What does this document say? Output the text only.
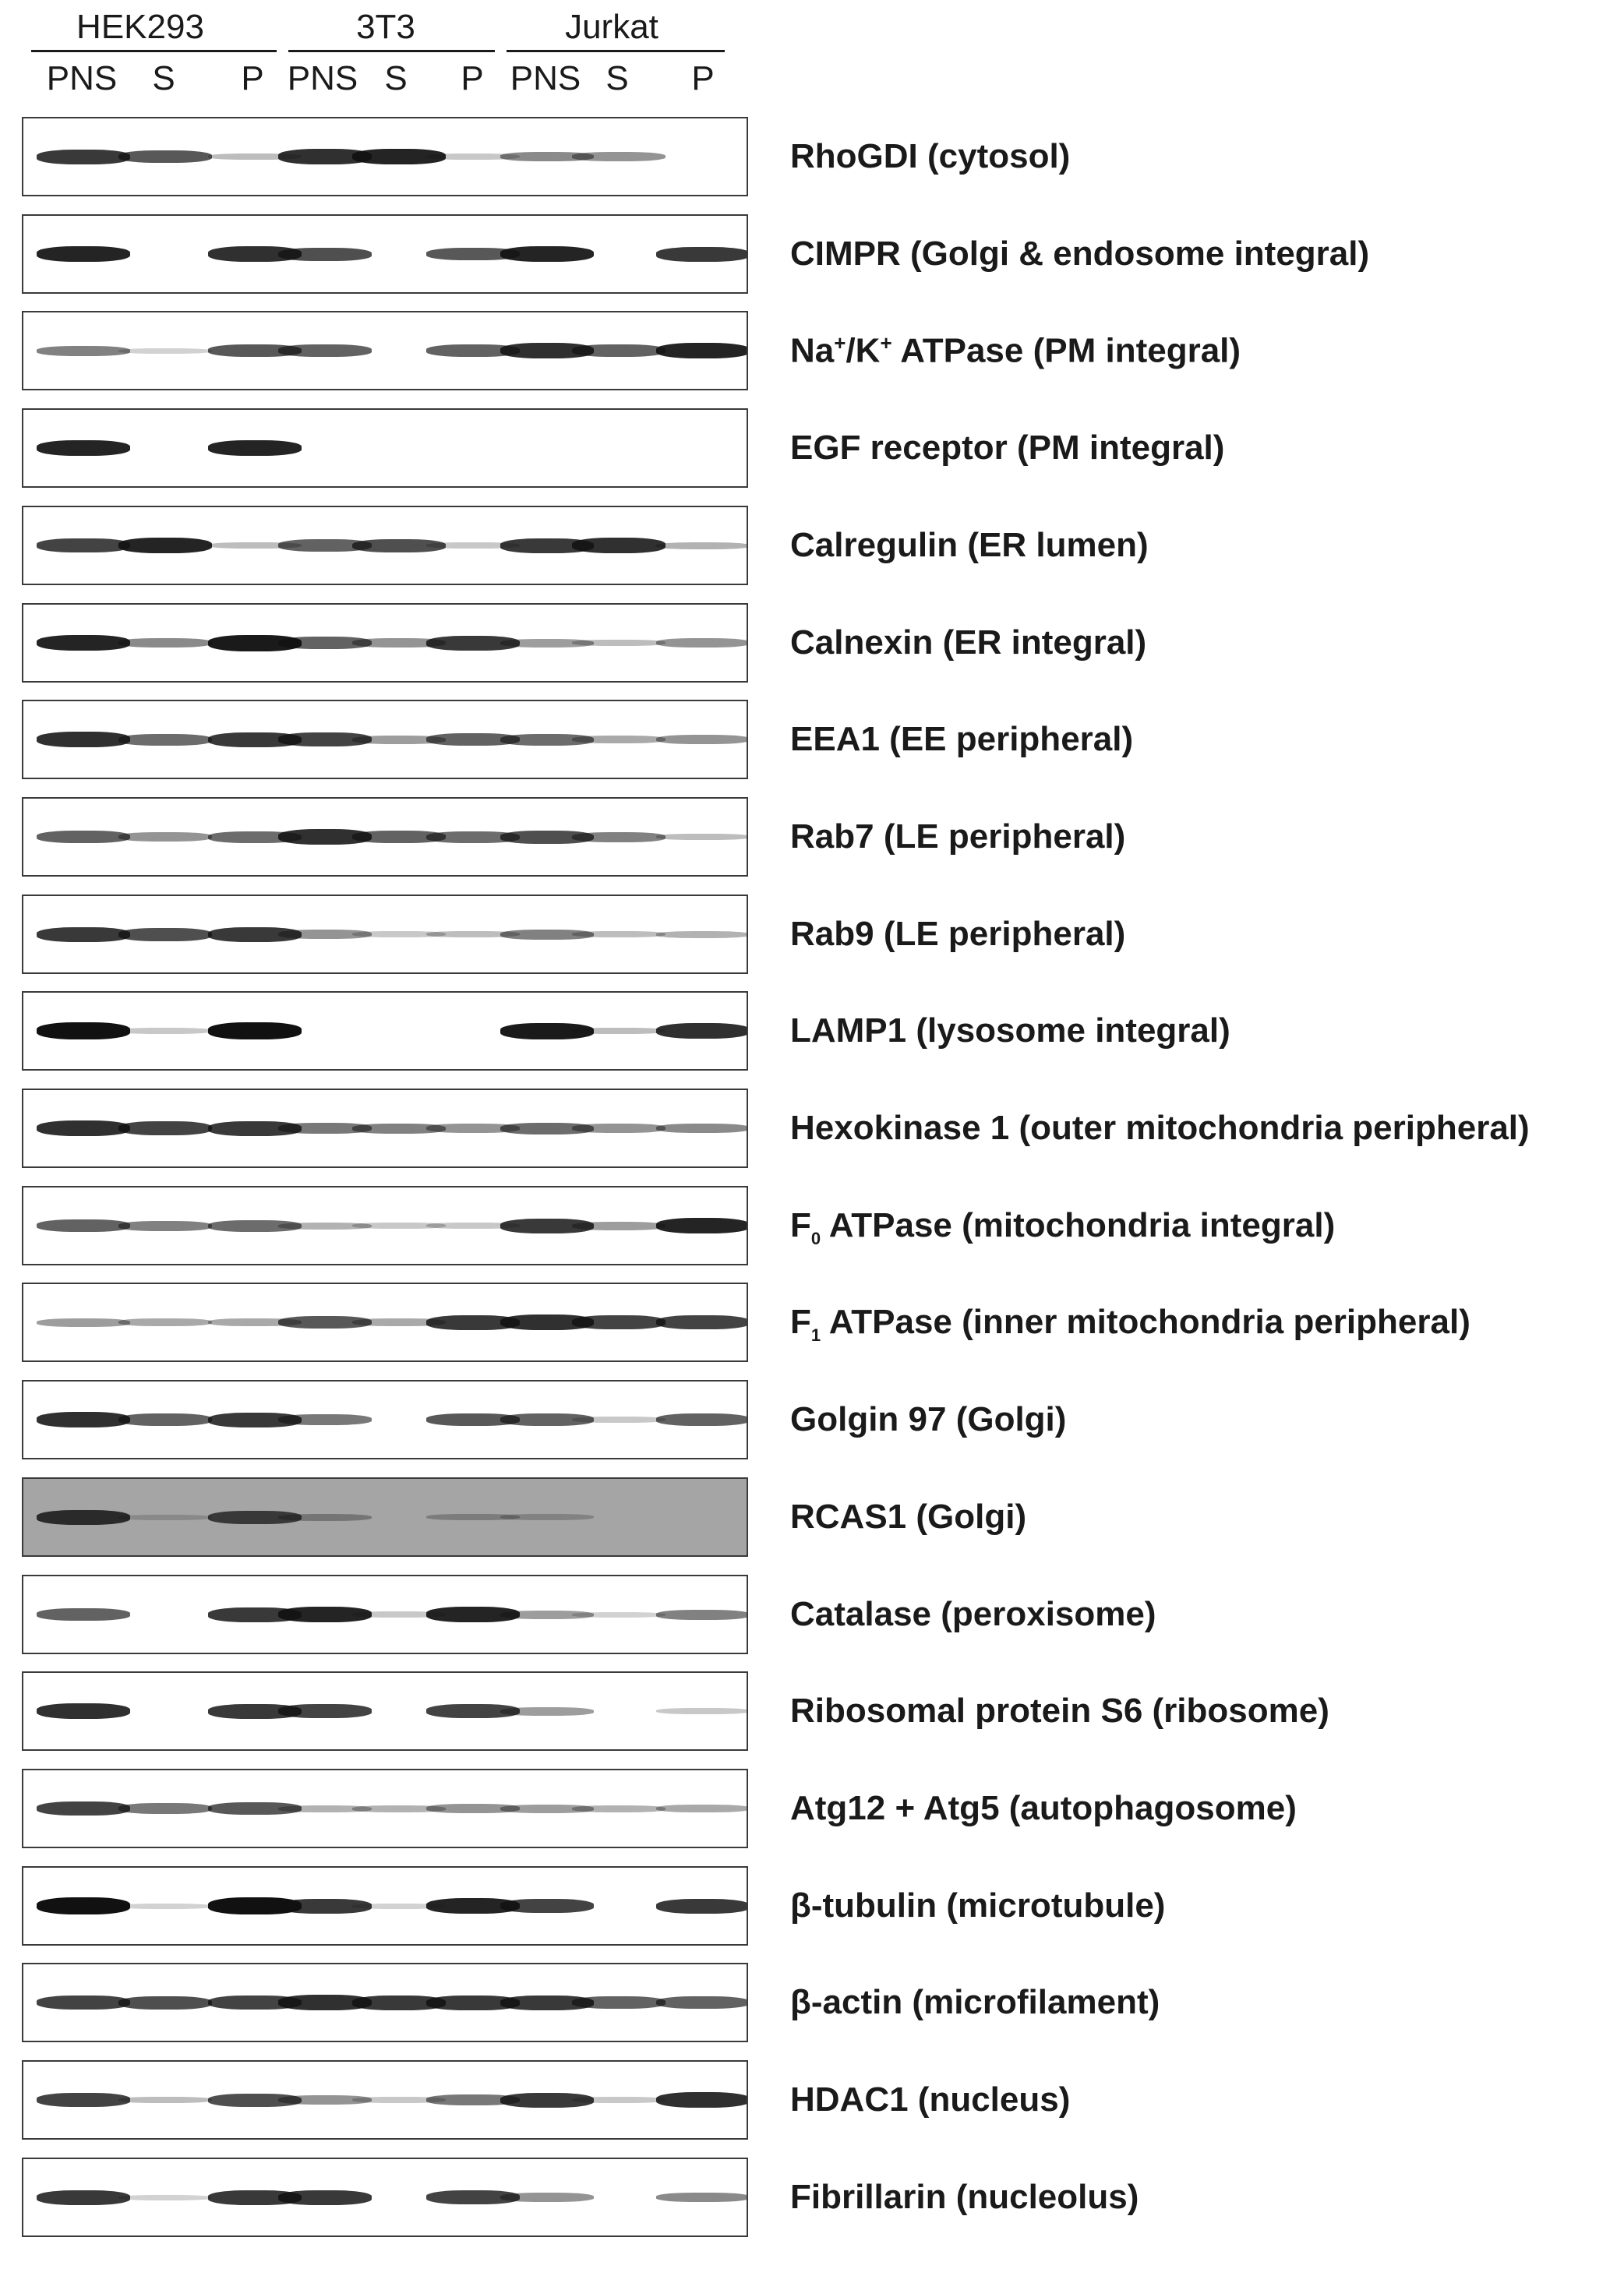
HEK293	3T3	Jurkat
PNS	S	P PNS S	P PNS S	P
RhoGDI (cytosol)
CIMPR (Golgi & endosome integral)
Na+/K+ ATPase (PM integral)
EGF receptor (PM integral)
Calregulin (ER lumen)
Calnexin (ER integral)
EEA1 (EE peripheral)
Rab7 (LE peripheral)
Rab9 (LE peripheral)
LAMP1 (lysosome integral)
Hexokinase 1 (outer mitochondria peripheral)
$F_0$ ATPase (mitochondria integral)
$F_1$ ATPase (inner mitochondria peripheral)
Golgin 97 (Golgi)
RCAS1 (Golgi)
Catalase (peroxisome)
Ribosomal protein S6 (ribosome)
Atg12 + Atg5 (autophagosome)
β-tubulin (microtubule)
β-actin (microfilament)
HDAC1 (nucleus)
Fibrillarin (nucleolus)
